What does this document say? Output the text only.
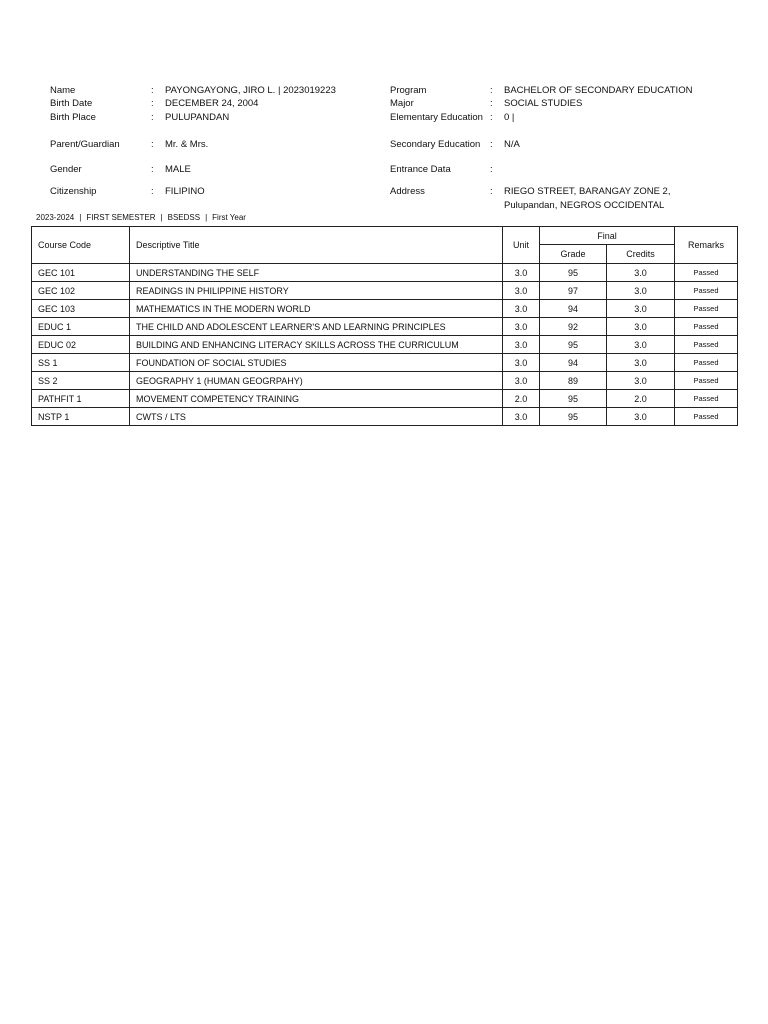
Name	: PAYONGAYONG, JIRO L. | 2023019223
Birth Date	: DECEMBER 24, 2004
Birth Place	: PULUPANDAN
Parent/Guardian	: Mr. & Mrs.
Gender	: MALE
Citizenship	: FILIPINO
Program	: BACHELOR OF SECONDARY EDUCATION
Major	: SOCIAL STUDIES
Elementary Education : 0 |
Secondary Education : N/A
Entrance Data	:
Address	: RIEGO STREET, BARANGAY ZONE 2,
Pulupandan, NEGROS OCCIDENTAL
2023-2024 | FIRST SEMESTER | BSEDSS | First Year
Course Code	Descriptive Title	Unit	Final		Remarks
			Grade	Credits	
GEC 101	UNDERSTANDING THE SELF	3.0	95	3.0	Passed
GEC 102	READINGS IN PHILIPPINE HISTORY	3.0	97	3.0	Passed
GEC 103	MATHEMATICS IN THE MODERN WORLD	3.0	94	3.0	Passed
EDUC 1	THE CHILD AND ADOLESCENT LEARNER'S AND LEARNING PRINCIPLES	3.0	92	3.0	Passed
EDUC 02	BUILDING AND ENHANCING LITERACY SKILLS ACROSS THE CURRICULUM	3.0	95	3.0	Passed
SS 1	FOUNDATION OF SOCIAL STUDIES	3.0	94	3.0	Passed
SS 2	GEOGRAPHY 1 (HUMAN GEOGRPAHY)	3.0	89	3.0	Passed
PATHFIT 1	MOVEMENT COMPETENCY TRAINING	2.0	95	2.0	Passed
NSTP 1	CWTS / LTS	3.0	95	3.0	Passed
